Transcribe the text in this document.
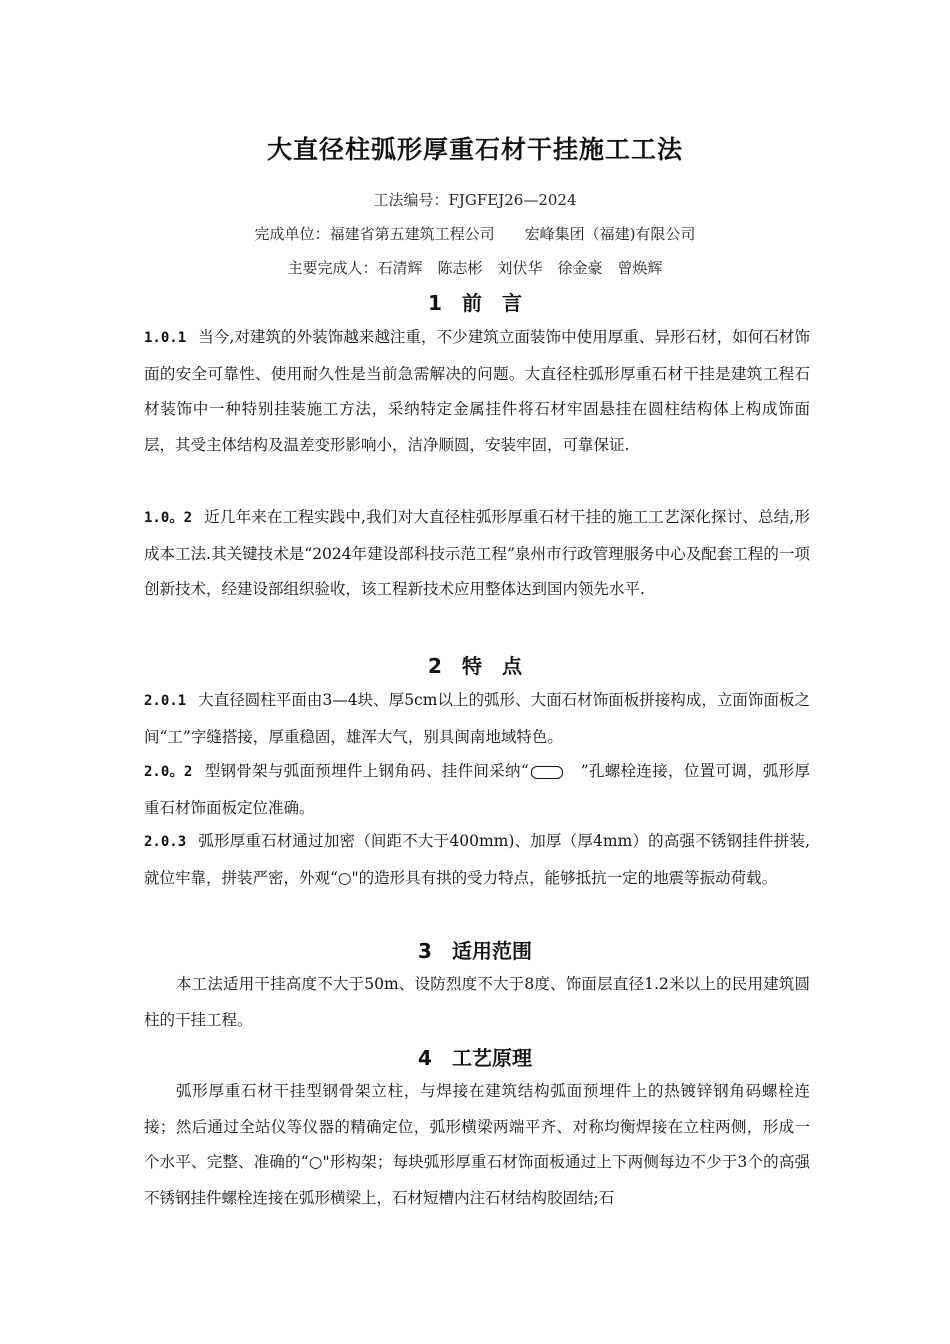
大直径柱弧形厚重石材干挂施工工法
工法编号：FJGFEJ26—2024
完成单位：福建省第五建筑工程公司 宏峰集团（福建)有限公司
主要完成人：石清辉　陈志彬　刘伏华　徐金豪　曾焕辉
1　前　言
1.0.1 当今,对建筑的外装饰越来越注重，不少建筑立面装饰中使用厚重、异形石材，如何石材饰面的安全可靠性、使用耐久性是当前急需解决的问题。大直径柱弧形厚重石材干挂是建筑工程石材装饰中一种特别挂装施工方法，采纳特定金属挂件将石材牢固悬挂在圆柱结构体上构成饰面层，其受主体结构及温差变形影响小，洁净顺圆，安装牢固，可靠保证.
1.0。2 近几年来在工程实践中,我们对大直径柱弧形厚重石材干挂的施工工艺深化探讨、总结,形成本工法.其关键技术是“2024年建设部科技示范工程”泉州市行政管理服务中心及配套工程的一项创新技术，经建设部组织验收，该工程新技术应用整体达到国内领先水平.
2　特　点
2.0.1 大直径圆柱平面由3—4块、厚5cm以上的弧形、大面石材饰面板拼接构成，立面饰面板之间“工”字缝搭接，厚重稳固，雄浑大气，别具闽南地域特色。
2.0。2 型钢骨架与弧面预埋件上钢角码、挂件间采纳“	”孔螺栓连接，位置可调，弧形厚重石材饰面板定位准确。
2.0.3 弧形厚重石材通过加密（间距不大于400mm)、加厚（厚4mm）的高强不锈钢挂件拼装,就位牢靠，拼装严密，外观“○"的造形具有拱的受力特点，能够抵抗一定的地震等振动荷载。
3　适用范围
本工法适用干挂高度不大于50m、设防烈度不大于8度、饰面层直径1.2米以上的民用建筑圆柱的干挂工程。
4　工艺原理
弧形厚重石材干挂型钢骨架立柱，与焊接在建筑结构弧面预埋件上的热镀锌钢角码螺栓连接；然后通过全站仪等仪器的精确定位，弧形横梁两端平齐、对称均衡焊接在立柱两侧，形成一个水平、完整、准确的“○"形构架；每块弧形厚重石材饰面板通过上下两侧每边不少于3个的高强不锈钢挂件螺栓连接在弧形横梁上，石材短槽内注石材结构胶固结;石
